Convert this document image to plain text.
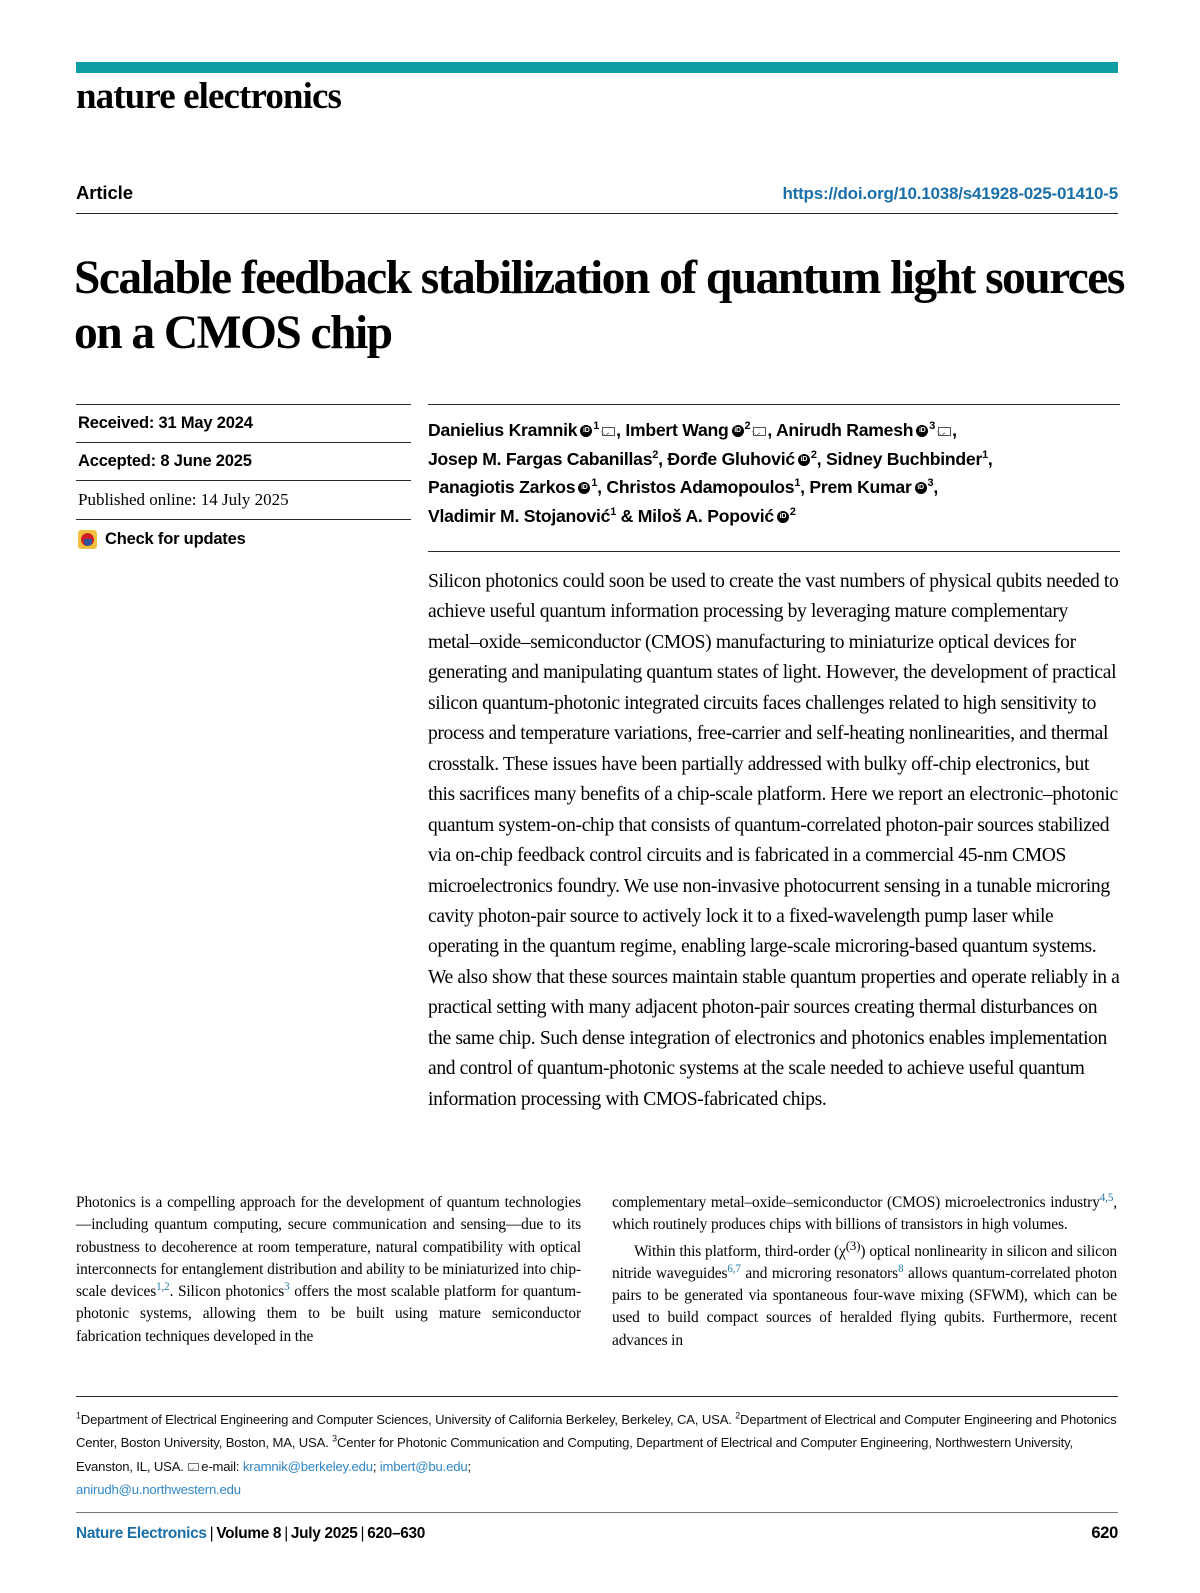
nature electronics
Article	https://doi.org/10.1038/s41928-025-01410-5
Scalable feedback stabilization of quantum light sources on a CMOS chip
Received: 31 May 2024
Accepted: 8 June 2025
Published online: 14 July 2025
Check for updates
Danielius Kramnik iD $^1$ , Imbert Wang iD $^2$ , Anirudh Ramesh iD $^3$ ,
Josep M. Fargas Cabanillas$^2$, Đorđe Gluhović iD $^2$, Sidney Buchbinder$^1$,
Panagiotis Zarkos iD $^1$, Christos Adamopoulos$^1$, Prem Kumar iD $^3$,
Vladimir M. Stojanović$^1$ & Miloš A. Popović iD $^2$
Silicon photonics could soon be used to create the vast numbers of physical qubits needed to achieve useful quantum information processing by leveraging mature complementary metal–oxide–semiconductor (CMOS) manufacturing to miniaturize optical devices for generating and manipulating quantum states of light. However, the development of practical silicon quantum-photonic integrated circuits faces challenges related to high sensitivity to process and temperature variations, free-carrier and self-heating nonlinearities, and thermal crosstalk. These issues have been partially addressed with bulky off-chip electronics, but this sacrifices many benefits of a chip-scale platform. Here we report an electronic–photonic quantum system-on-chip that consists of quantum-correlated photon-pair sources stabilized via on-chip feedback control circuits and is fabricated in a commercial 45-nm CMOS microelectronics foundry. We use non-invasive photocurrent sensing in a tunable microring cavity photon-pair source to actively lock it to a fixed-wavelength pump laser while operating in the quantum regime, enabling large-scale microring-based quantum systems. We also show that these sources maintain stable quantum properties and operate reliably in a practical setting with many adjacent photon-pair sources creating thermal disturbances on the same chip. Such dense integration of electronics and photonics enables implementation and control of quantum-photonic systems at the scale needed to achieve useful quantum information processing with CMOS-fabricated chips.

Photonics is a compelling approach for the development of quantum technologies—including quantum computing, secure communication and sensing—due to its robustness to decoherence at room temperature, natural compatibility with optical interconnects for entanglement distribution and ability to be miniaturized into chip-scale devices$^{1,2}$. Silicon photonics$^3$ offers the most scalable platform for quantum-photonic systems, allowing them to be built using mature semiconductor fabrication techniques developed in the

complementary metal–oxide–semiconductor (CMOS) microelectronics industry$^{4,5}$, which routinely produces chips with billions of transistors in high volumes.

Within this platform, third-order $(\chi^{(3)})$ optical nonlinearity in silicon and silicon nitride waveguides$^{6,7}$ and microring resonators$^8$ allows quantum-correlated photon pairs to be generated via spontaneous four-wave mixing (SFWM), which can be used to build compact sources of heralded flying qubits. Furthermore, recent advances in

$^1$Department of Electrical Engineering and Computer Sciences, University of California Berkeley, Berkeley, CA, USA. $^2$Department of Electrical and Computer Engineering and Photonics Center, Boston University, Boston, MA, USA. $^3$Center for Photonic Communication and Computing, Department of Electrical and Computer Engineering, Northwestern University, Evanston, IL, USA. e-mail: kramnik@berkeley.edu; imbert@bu.edu;
anirudh@u.northwestern.edu
Nature Electronics | Volume 8 | July 2025 | 620–630	620
